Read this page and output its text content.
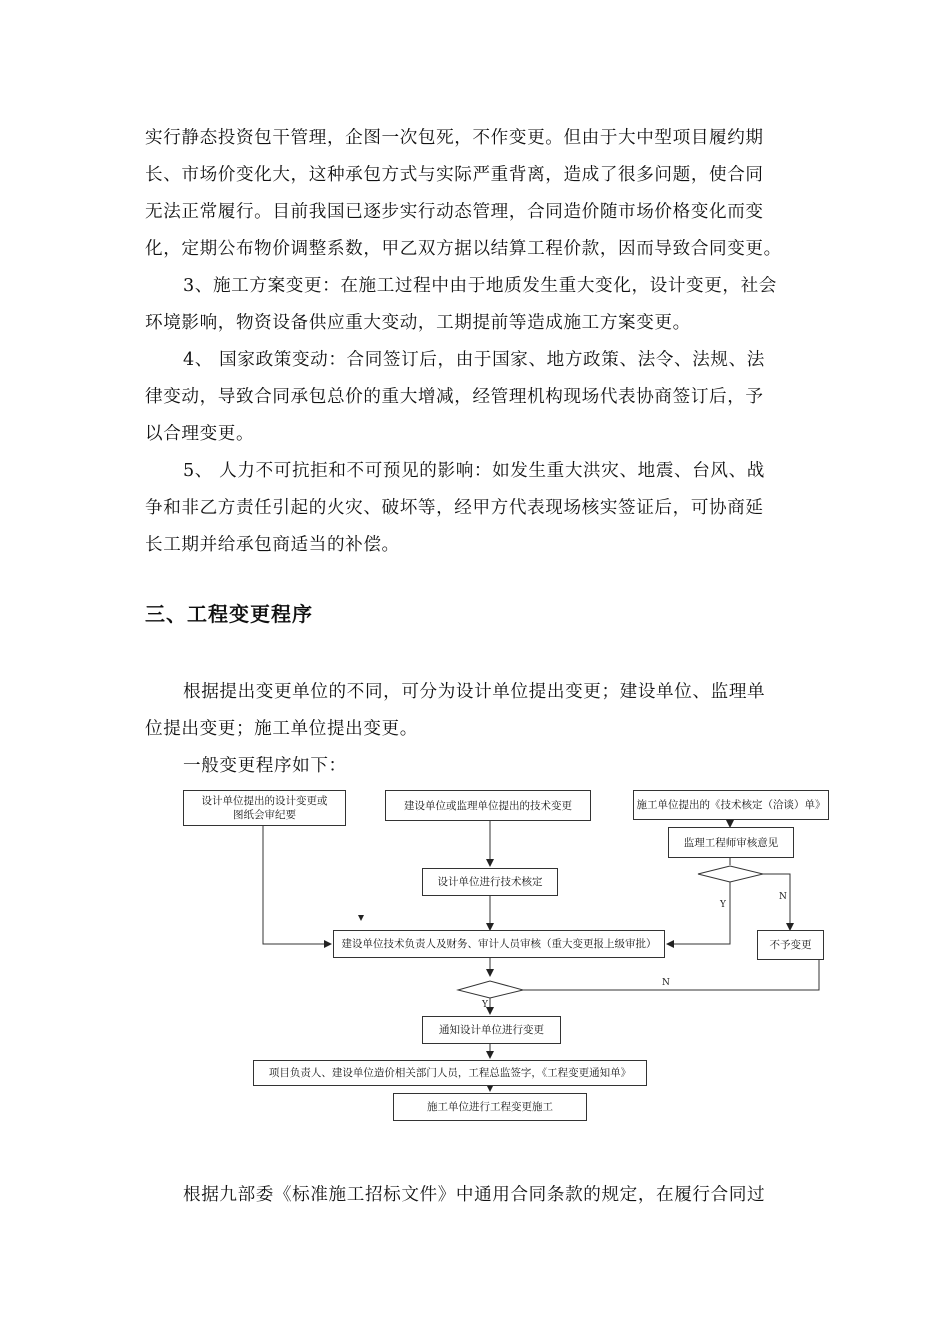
实行静态投资包干管理，企图一次包死，不作变更。但由于大中型项目履约期
长、市场价变化大，这种承包方式与实际严重背离，造成了很多问题，使合同
无法正常履行。目前我国已逐步实行动态管理，合同造价随市场价格变化而变
化，定期公布物价调整系数，甲乙双方据以结算工程价款，因而导致合同变更。
3、施工方案变更：在施工过程中由于地质发生重大变化，设计变更，社会
环境影响，物资设备供应重大变动，工期提前等造成施工方案变更。
4、 国家政策变动：合同签订后，由于国家、地方政策、法令、法规、法
律变动，导致合同承包总价的重大增减，经管理机构现场代表协商签订后，予
以合理变更。
5、 人力不可抗拒和不可预见的影响：如发生重大洪灾、地震、台风、战
争和非乙方责任引起的火灾、破坏等，经甲方代表现场核实签证后，可协商延
长工期并给承包商适当的补偿。
三、工程变更程序
根据提出变更单位的不同，可分为设计单位提出变更；建设单位、监理单
位提出变更；施工单位提出变更。
一般变更程序如下：
设计单位提出的设计变更或
图纸会审纪要
建设单位或监理单位提出的技术变更	施工单位提出的《技术核定（洽谈）单》
监理工程师审核意见
设计单位进行技术核定
建设单位技术负责人及财务、审计人员审核（重大变更报上级审批）	不予变更
通知设计单位进行变更
项目负责人、建设单位造价相关部门人员，工程总监签字，《工程变更通知单》
施工单位进行工程变更施工
Y
N
Y
N
根据九部委《标准施工招标文件》中通用合同条款的规定，在履行合同过
